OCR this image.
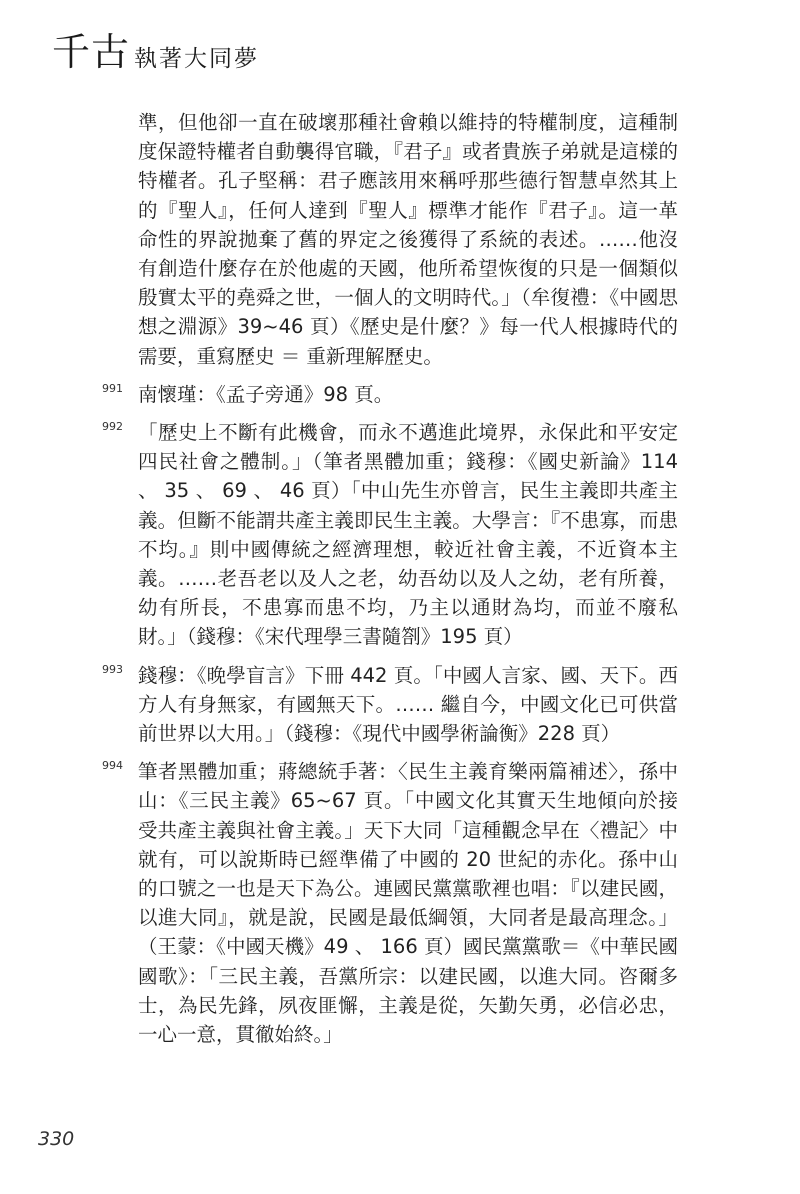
千古 執著大同夢

準，但他卻一直在破壞那種社會賴以維持的特權制度，這種制度保證特權者自動襲得官職，『君子』或者貴族子弟就是這樣的特權者。孔子堅稱：君子應該用來稱呼那些德行智慧卓然其上的『聖人』，任何人達到『聖人』標準才能作『君子』。這一革命性的界說拋棄了舊的界定之後獲得了系統的表述。……他沒有創造什麼存在於他處的天國，他所希望恢復的只是一個類似殷實太平的堯舜之世，一個人的文明時代。」（牟復禮：《中國思想之淵源》39~46 頁）《歷史是什麼？》每一代人根據時代的需要，重寫歷史 ＝ 重新理解歷史。

991 南懷瑾：《孟子旁通》98 頁。

992 「歷史上不斷有此機會，而永不邁進此境界，永保此和平安定四民社會之體制。」（筆者黑體加重；錢穆：《國史新論》114 、 35 、 69 、 46 頁）「中山先生亦曾言，民生主義即共產主義。但斷不能謂共產主義即民生主義。大學言：『不患寡，而患不均。』則中國傳統之經濟理想，較近社會主義，不近資本主義。……老吾老以及人之老，幼吾幼以及人之幼，老有所養，幼有所長，不患寡而患不均，乃主以通財為均，而並不廢私財。」（錢穆：《宋代理學三書隨劄》195 頁）

993 錢穆：《晚學盲言》下冊 442 頁。「中國人言家、國、天下。西方人有身無家，有國無天下。…… 繼自今，中國文化已可供當前世界以大用。」（錢穆：《現代中國學術論衡》228 頁）

994 筆者黑體加重；蔣總統手著：〈民生主義育樂兩篇補述〉，孫中山：《三民主義》65~67 頁。「中國文化其實天生地傾向於接受共產主義與社會主義。」天下大同「這種觀念早在〈禮記〉中就有，可以說斯時已經準備了中國的 20 世紀的赤化。孫中山的口號之一也是天下為公。連國民黨黨歌裡也唱：『以建民國，以進大同』，就是說，民國是最低綱領，大同者是最高理念。」（王蒙：《中國天機》49 、 166 頁）國民黨黨歌＝《中華民國國歌》：「三民主義，吾黨所宗：以建民國，以進大同。咨爾多士，為民先鋒，夙夜匪懈，主義是從，矢勤矢勇，必信必忠，一心一意，貫徹始終。」

330
